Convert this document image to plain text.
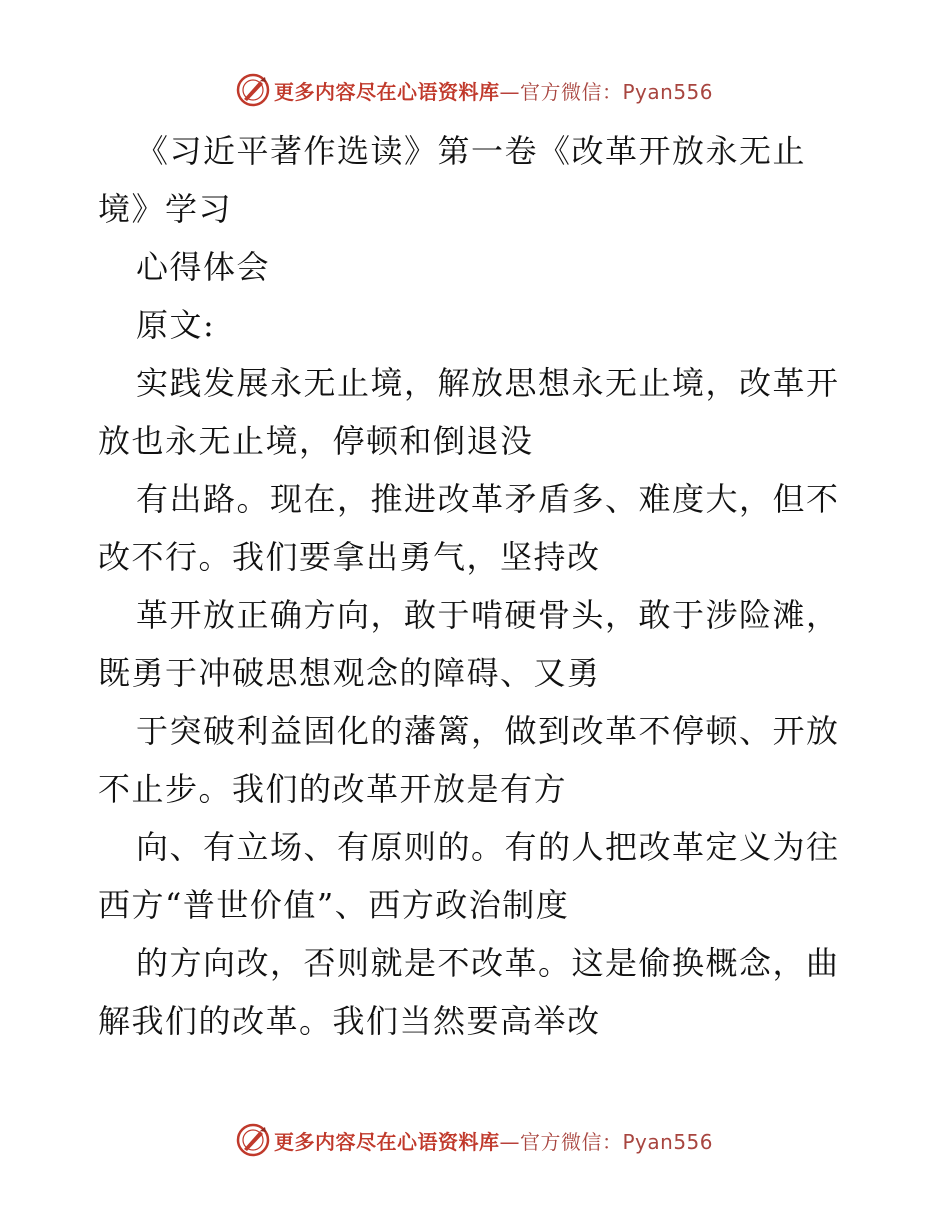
更多内容尽在心语资料库—官方微信：Pyan556
《习近平著作选读》第一卷《改革开放永无止
境》学习
心得体会
原文:
实践发展永无止境，解放思想永无止境，改革开
放也永无止境，停顿和倒退没
有出路。现在，推进改革矛盾多、难度大，但不
改不行。我们要拿出勇气，坚持改
革开放正确方向，敢于啃硬骨头，敢于涉险滩，
既勇于冲破思想观念的障碍、又勇
于突破利益固化的藩篱，做到改革不停顿、开放
不止步。我们的改革开放是有方
向、有立场、有原则的。有的人把改革定义为往
西方“普世价值”、西方政治制度
的方向改，否则就是不改革。这是偷换概念，曲
解我们的改革。我们当然要高举改
更多内容尽在心语资料库—官方微信：Pyan556
